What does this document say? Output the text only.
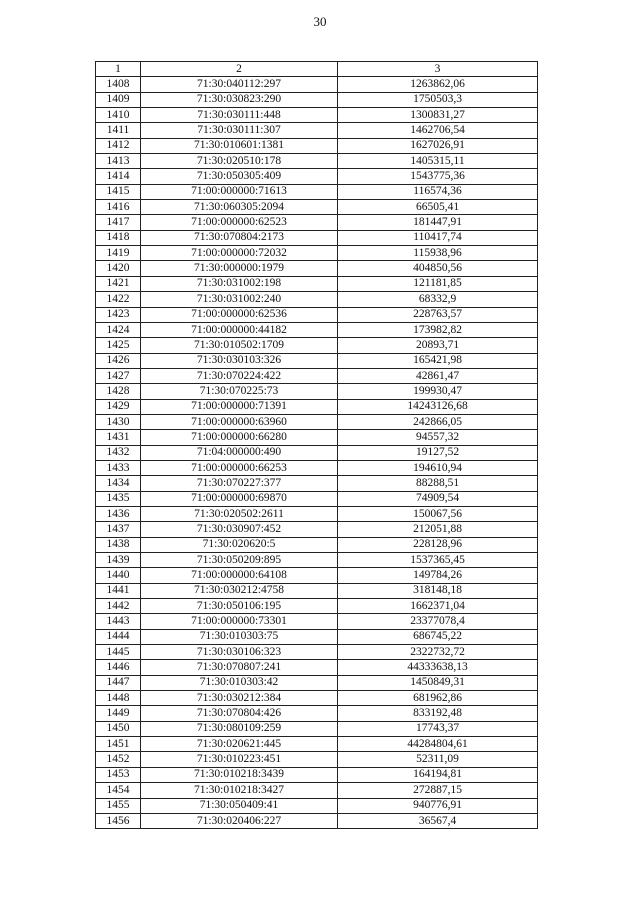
30
1	2	3
1408	71:30:040112:297	1263862,06
1409	71:30:030823:290	1750503,3
1410	71:30:030111:448	1300831,27
1411	71:30:030111:307	1462706,54
1412	71:30:010601:1381	1627026,91
1413	71:30:020510:178	1405315,11
1414	71:30:050305:409	1543775,36
1415	71:00:000000:71613	116574,36
1416	71:30:060305:2094	66505,41
1417	71:00:000000:62523	181447,91
1418	71:30:070804:2173	110417,74
1419	71:00:000000:72032	115938,96
1420	71:30:000000:1979	404850,56
1421	71:30:031002:198	121181,85
1422	71:30:031002:240	68332,9
1423	71:00:000000:62536	228763,57
1424	71:00:000000:44182	173982,82
1425	71:30:010502:1709	20893,71
1426	71:30:030103:326	165421,98
1427	71:30:070224:422	42861,47
1428	71:30:070225:73	199930,47
1429	71:00:000000:71391	14243126,68
1430	71:00:000000:63960	242866,05
1431	71:00:000000:66280	94557,32
1432	71:04:000000:490	19127,52
1433	71:00:000000:66253	194610,94
1434	71:30:070227:377	88288,51
1435	71:00:000000:69870	74909,54
1436	71:30:020502:2611	150067,56
1437	71:30:030907:452	212051,88
1438	71:30:020620:5	228128,96
1439	71:30:050209:895	1537365,45
1440	71:00:000000:64108	149784,26
1441	71:30:030212:4758	318148,18
1442	71:30:050106:195	1662371,04
1443	71:00:000000:73301	23377078,4
1444	71:30:010303:75	686745,22
1445	71:30:030106:323	2322732,72
1446	71:30:070807:241	44333638,13
1447	71:30:010303:42	1450849,31
1448	71:30:030212:384	681962,86
1449	71:30:070804:426	833192,48
1450	71:30:080109:259	17743,37
1451	71:30:020621:445	44284804,61
1452	71:30:010223:451	52311,09
1453	71:30:010218:3439	164194,81
1454	71:30:010218:3427	272887,15
1455	71:30:050409:41	940776,91
1456	71:30:020406:227	36567,4
